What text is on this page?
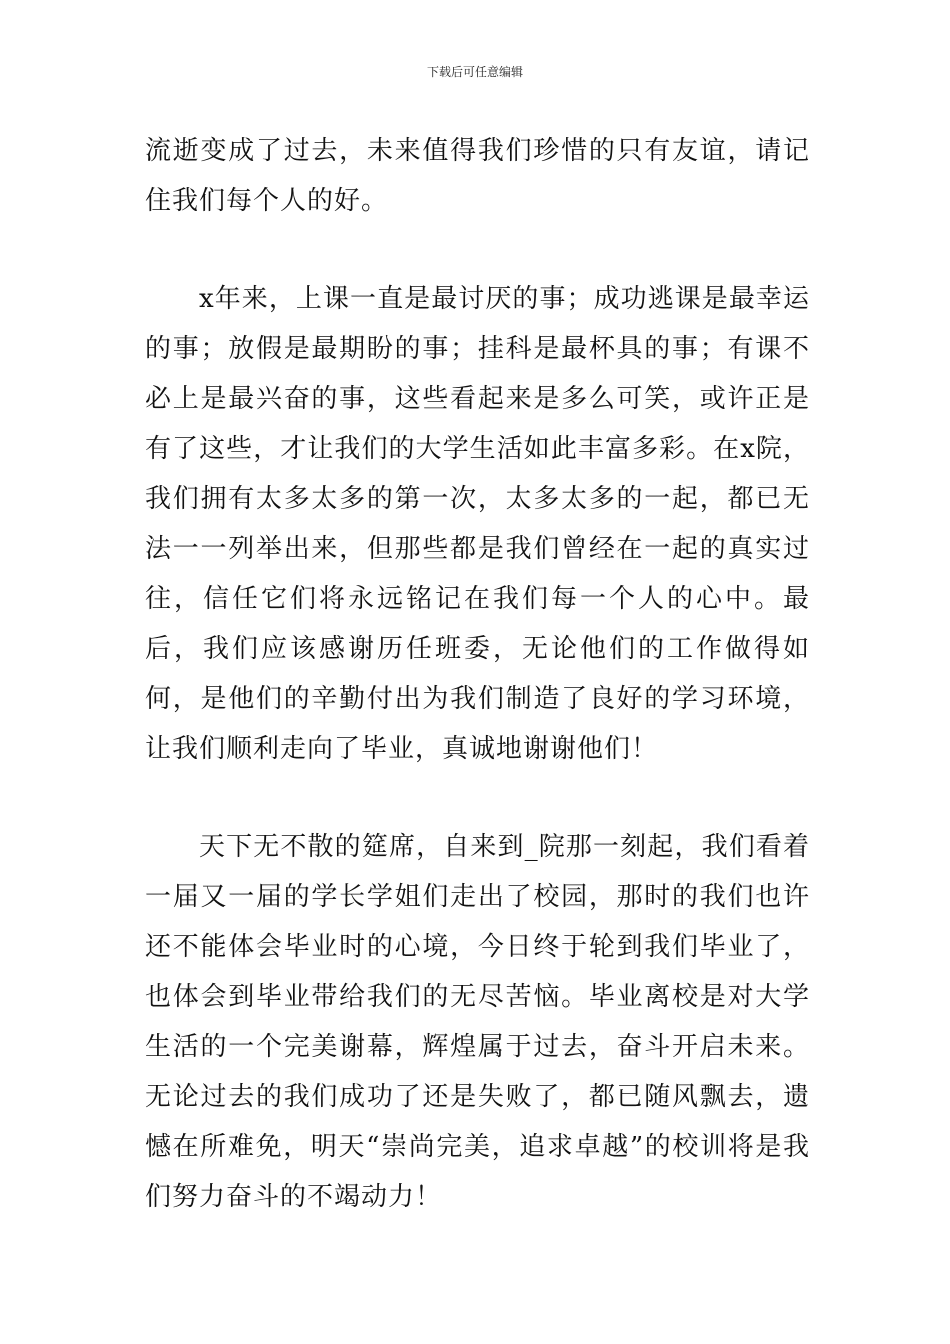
下载后可任意编辑

流逝变成了过去，未来值得我们珍惜的只有友谊，请记住我们每个人的好。

x年来，上课一直是最讨厌的事；成功逃课是最幸运的事；放假是最期盼的事；挂科是最杯具的事；有课不必上是最兴奋的事，这些看起来是多么可笑，或许正是有了这些，才让我们的大学生活如此丰富多彩。在x院，我们拥有太多太多的第一次，太多太多的一起，都已无法一一列举出来，但那些都是我们曾经在一起的真实过往，信任它们将永远铭记在我们每一个人的心中。最后，我们应该感谢历任班委，无论他们的工作做得如何，是他们的辛勤付出为我们制造了良好的学习环境，让我们顺利走向了毕业，真诚地谢谢他们！

天下无不散的筵席，自来到_院那一刻起，我们看着一届又一届的学长学姐们走出了校园，那时的我们也许还不能体会毕业时的心境，今日终于轮到我们毕业了，也体会到毕业带给我们的无尽苦恼。毕业离校是对大学生活的一个完美谢幕，辉煌属于过去，奋斗开启未来。无论过去的我们成功了还是失败了，都已随风飘去，遗憾在所难免，明天“崇尚完美，追求卓越”的校训将是我们努力奋斗的不竭动力！
